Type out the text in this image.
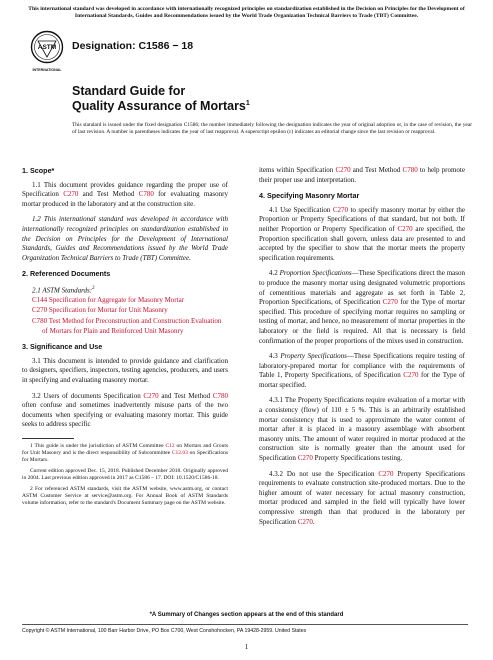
This international standard was developed in accordance with internationally recognized principles on standardization established in the Decision on Principles for the Development of International Standards, Guides and Recommendations issued by the World Trade Organization Technical Barriers to Trade (TBT) Committee.
ASTM
INTERNATIONAL
Designation: C1586 − 18
Standard Guide for
Quality Assurance of Mortars$^1$
This standard is issued under the fixed designation C1586; the number immediately following the designation indicates the year of original adoption or, in the case of revision, the year of last revision. A number in parentheses indicates the year of last reapproval. A superscript epsilon (ε) indicates an editorial change since the last revision or reapproval.
1. Scope*

1.1 This document provides guidance regarding the proper use of Specification C270 and Test Method C780 for evaluating masonry mortar produced in the laboratory and at the construction site.

1.2 This international standard was developed in accordance with internationally recognized principles on standardization established in the Decision on Principles for the Development of International Standards, Guides and Recommendations issued by the World Trade Organization Technical Barriers to Trade (TBT) Committee.

2. Referenced Documents
2.1 ASTM Standards:$^2$
C144 Specification for Aggregate for Masonry Mortar
C270 Specification for Mortar for Unit Masonry
C780 Test Method for Preconstruction and Construction Evaluation of Mortars for Plain and Reinforced Unit Masonry
3. Significance and Use

3.1 This document is intended to provide guidance and clarification to designers, specifiers, inspectors, testing agencies, producers, and users in specifying and evaluating masonry mortar.

3.2 Users of documents Specification C270 and Test Method C780 often confuse and sometimes inadvertently misuse parts of the two documents when specifying or evaluating masonry mortar. This guide seeks to address specific

1 This guide is under the jurisdiction of ASTM Committee C12 on Mortars and Grouts for Unit Masonry and is the direct responsibility of Subcommittee C12.03 on Specifications for Mortars.
Current edition approved Dec. 15, 2018. Published December 2018. Originally approved in 2004. Last previous edition approved in 2017 as C1586 – 17. DOI: 10.1520/C1586-18.
2 For referenced ASTM standards, visit the ASTM website, www.astm.org, or contact ASTM Customer Service at service@astm.org. For Annual Book of ASTM Standards volume information, refer to the standard's Document Summary page on the ASTM website.

items within Specification C270 and Test Method C780 to help promote their proper use and interpretation.

4. Specifying Masonry Mortar

4.1 Use Specification C270 to specify masonry mortar by either the Proportion or Property Specifications of that standard, but not both. If neither Proportion or Property Specification of C270 are specified, the Proportion specification shall govern, unless data are presented to and accepted by the specifier to show that the mortar meets the property specification requirements.

4.2 Proportion Specifications—These Specifications direct the mason to produce the masonry mortar using designated volumetric proportions of cementitious materials and aggregate as set forth in Table 2, Proportion Specifications, of Specification C270 for the Type of mortar specified. This procedure of specifying mortar requires no sampling or testing of mortar, and hence, no measurement of mortar properties in the laboratory or the field is required. All that is necessary is field confirmation of the proper proportions of the mixes used in construction.

4.3 Property Specifications—These Specifications require testing of laboratory-prepared mortar for compliance with the requirements of Table 1, Property Specifications, of Specification C270 for the Type of mortar specified.

4.3.1 The Property Specifications require evaluation of a mortar with a consistency (flow) of 110 ± 5 %. This is an arbitrarily established mortar consistency that is used to approximate the water content of mortar after it is placed in a masonry assemblage with absorbent masonry units. The amount of water required in mortar produced at the construction site is normally greater than the amount used for Specification C270 Property Specifications testing.

4.3.2 Do not use the Specification C270 Property Specifications requirements to evaluate construction site-produced mortars. Due to the higher amount of water necessary for actual masonry construction, mortar produced and sampled in the field will typically have lower compressive strength than that produced in the laboratory per Specification C270.

*A Summary of Changes section appears at the end of this standard
Copyright © ASTM International, 100 Barr Harbor Drive, PO Box C700, West Conshohocken, PA 19428-2959. United States
1
